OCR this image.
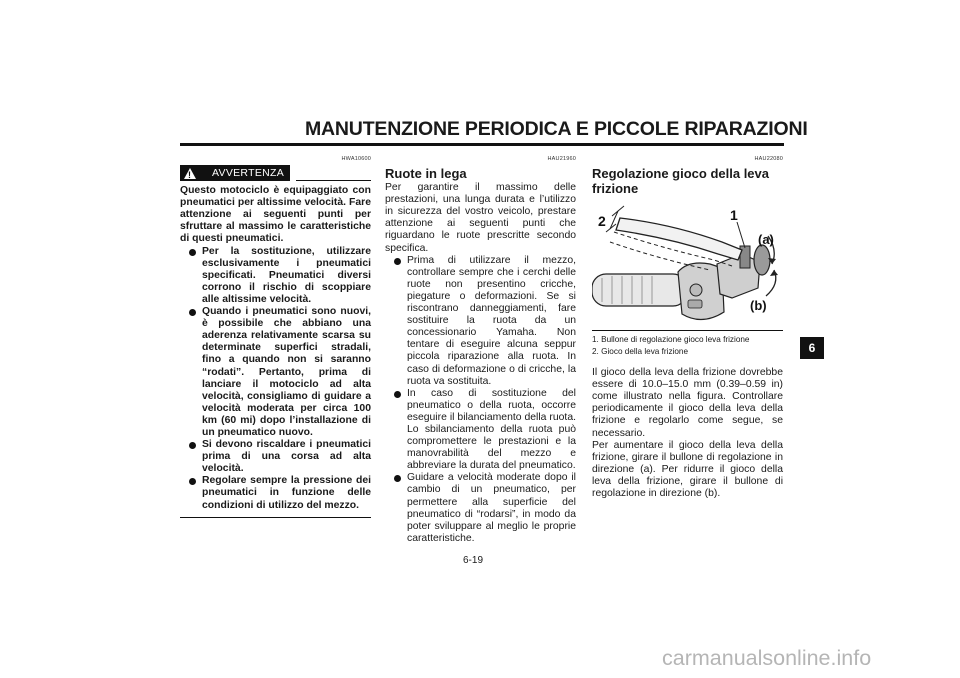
MANUTENZIONE PERIODICA E PICCOLE RIPARAZIONI
HWA10600
! AVVERTENZA

Questo motociclo è equipaggiato con pneumatici per altissime velocità. Fare attenzione ai seguenti punti per sfruttare al massimo le caratteristiche di questi pneumatici.

Per la sostituzione, utilizzare esclusivamente i pneumatici specificati. Pneumatici diversi corrono il rischio di scoppiare alle altissime velocità.
Quando i pneumatici sono nuovi, è possibile che abbiano una aderenza relativamente scarsa su determinate superfici stradali, fino a quando non si saranno “rodati”. Pertanto, prima di lanciare il motociclo ad alta velocità, consigliamo di guidare a velocità moderata per circa 100 km (60 mi) dopo l’installazione di un pneumatico nuovo.
Si devono riscaldare i pneumatici prima di una corsa ad alta velocità.
Regolare sempre la pressione dei pneumatici in funzione delle condizioni di utilizzo del mezzo.
HAU21960
Ruote in lega

Per garantire il massimo delle prestazioni, una lunga durata e l’utilizzo in sicurezza del vostro veicolo, prestare attenzione ai seguenti punti che riguardano le ruote prescritte secondo specifica.

Prima di utilizzare il mezzo, controllare sempre che i cerchi delle ruote non presentino cricche, piegature o deformazioni. Se si riscontrano danneggiamenti, fare sostituire la ruota da un concessionario Yamaha. Non tentare di eseguire alcuna seppur piccola riparazione alla ruota. In caso di deformazione o di cricche, la ruota va sostituita.
In caso di sostituzione del pneumatico o della ruota, occorre eseguire il bilanciamento della ruota. Lo sbilanciamento della ruota può compromettere le prestazioni e la manovrabilità del mezzo e abbreviare la durata del pneumatico.
Guidare a velocità moderate dopo il cambio di un pneumatico, per permettere alla superficie del pneumatico di “rodarsi”, in modo da poter sviluppare al meglio le proprie caratteristiche.
HAU22080
Regolazione gioco della leva frizione
2	1
(a)
(b)
1. Bullone di regolazione gioco leva frizione
2. Gioco della leva frizione

Il gioco della leva della frizione dovrebbe essere di 10.0–15.0 mm (0.39–0.59 in) come illustrato nella figura. Controllare periodicamente il gioco della leva della frizione e regolarlo come segue, se necessario.

Per aumentare il gioco della leva della frizione, girare il bullone di regolazione in direzione (a). Per ridurre il gioco della leva della frizione, girare il bullone di regolazione in direzione (b).

6
6-19
carmanualsonline.info
